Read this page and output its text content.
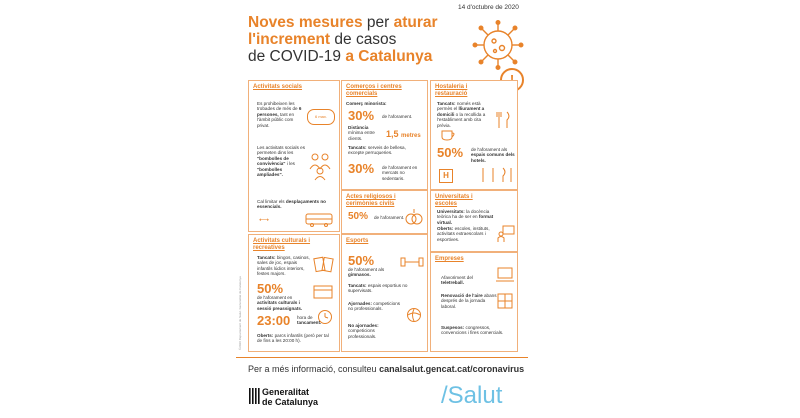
14 d'octubre de 2020
Noves mesures per aturar
l'increment de casos
de COVID-19 a Catalunya
Activitats socials
Es prohibeixen les trobades de més de 6 persones, tant en l'àmbit públic com privat.
6 max.
Les activitats socials es permeten dins les "bombolles de convivència" i les "bombolles ampliades".
Cal limitar els desplaçaments no essencials.
⟷
Comerços i centres comercials
Comerç minorista:
30% de l'aforament.
Distància mínima entre clients.	1,5 metres
Tancats: serveis de bellesa, excepte perruqueries.
30% de l'aforament en mercats no sedentaris.
Hostaleria i restauració
Tancats: només està permès el lliurament a domicili o la recollida a l'establiment amb cita prèvia.
50% de l'aforament als espais comuns dels hotels.
H
Actes religiosos i cerimònies civils
50% de l'aforament.
Universitats i escoles
Universitats: la docència teòrica ha de ser en format virtual.
Oberts: escoles, instituts, activitats extraescolars i esportives.
Activitats culturals i recreatives
Tancats: bingos, casinos, sales de joc, espais infantils lúdics interiors, festes majors.
50%
de l'aforament en activitats culturals i sessió preassignats.
23:00 hora de tancament.
Oberts: parcs infantils (però per tal de fins a les 20:00 h).
Esports
50%
de l'aforament als gimnasos.
Tancats: espais esportius no supervisats.
Ajornades: competicions no professionals.
No ajornades: competicions professionals.
Empreses
Afavoriment del teletreball.
Renovació de l'aire abans i després de la jornada laboral.
Suspesos: congressos, convencions i fires comercials.
©2020 Departament de Salut. Generalitat de Catalunya
Per a més informació, consulteu canalsalut.gencat.cat/coronavirus
Generalitat
de Catalunya	/Salut
